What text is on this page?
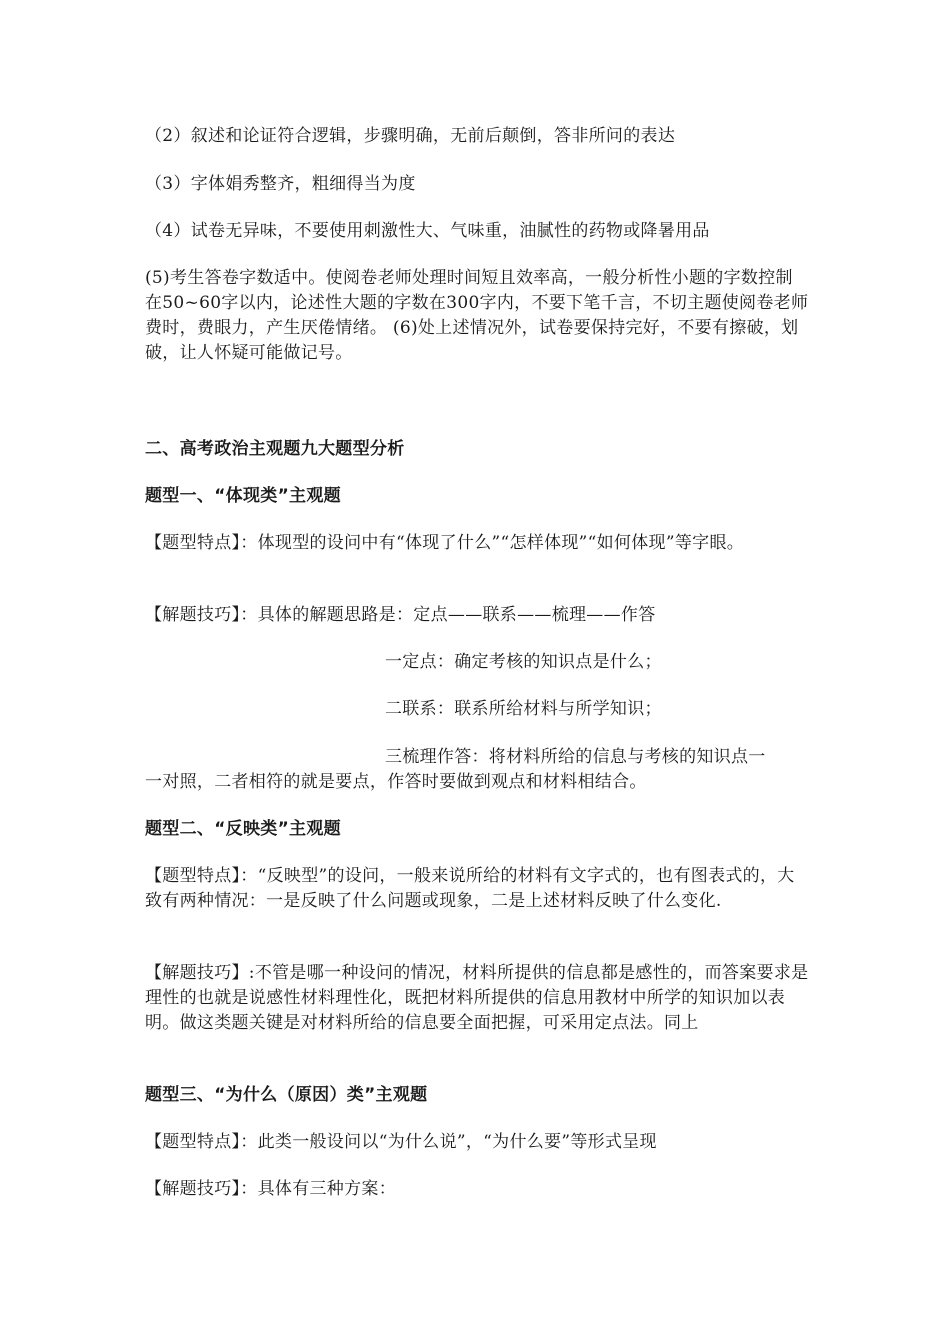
（2）叙述和论证符合逻辑，步骤明确，无前后颠倒，答非所问的表达

（3）字体娟秀整齐，粗细得当为度

（4）试卷无异味，不要使用刺激性大、气味重，油腻性的药物或降暑用品

(5)考生答卷字数适中。使阅卷老师处理时间短且效率高，一般分析性小题的字数控制在50~60字以内，论述性大题的字数在300字内，不要下笔千言，不切主题使阅卷老师费时，费眼力，产生厌倦情绪。 (6)处上述情况外，试卷要保持完好，不要有擦破，划破，让人怀疑可能做记号。

二、高考政治主观题九大题型分析

题型一、“体现类”主观题

【题型特点】：体现型的设问中有“体现了什么”“怎样体现”“如何体现”等字眼。

【解题技巧】：具体的解题思路是：定点——联系——梳理——作答

一定点：确定考核的知识点是什么；

二联系：联系所给材料与所学知识；

三梳理作答：将材料所给的信息与考核的知识点一

一对照，二者相符的就是要点，作答时要做到观点和材料相结合。

题型二、“反映类”主观题

【题型特点】：“反映型”的设问，一般来说所给的材料有文字式的，也有图表式的，大致有两种情况：一是反映了什么问题或现象，二是上述材料反映了什么变化.

【解题技巧】:不管是哪一种设问的情况，材料所提供的信息都是感性的，而答案要求是理性的也就是说感性材料理性化，既把材料所提供的信息用教材中所学的知识加以表明。做这类题关键是对材料所给的信息要全面把握，可采用定点法。同上

题型三、“为什么（原因）类”主观题

【题型特点】：此类一般设问以“为什么说”，“为什么要”等形式呈现

【解题技巧】：具体有三种方案：
